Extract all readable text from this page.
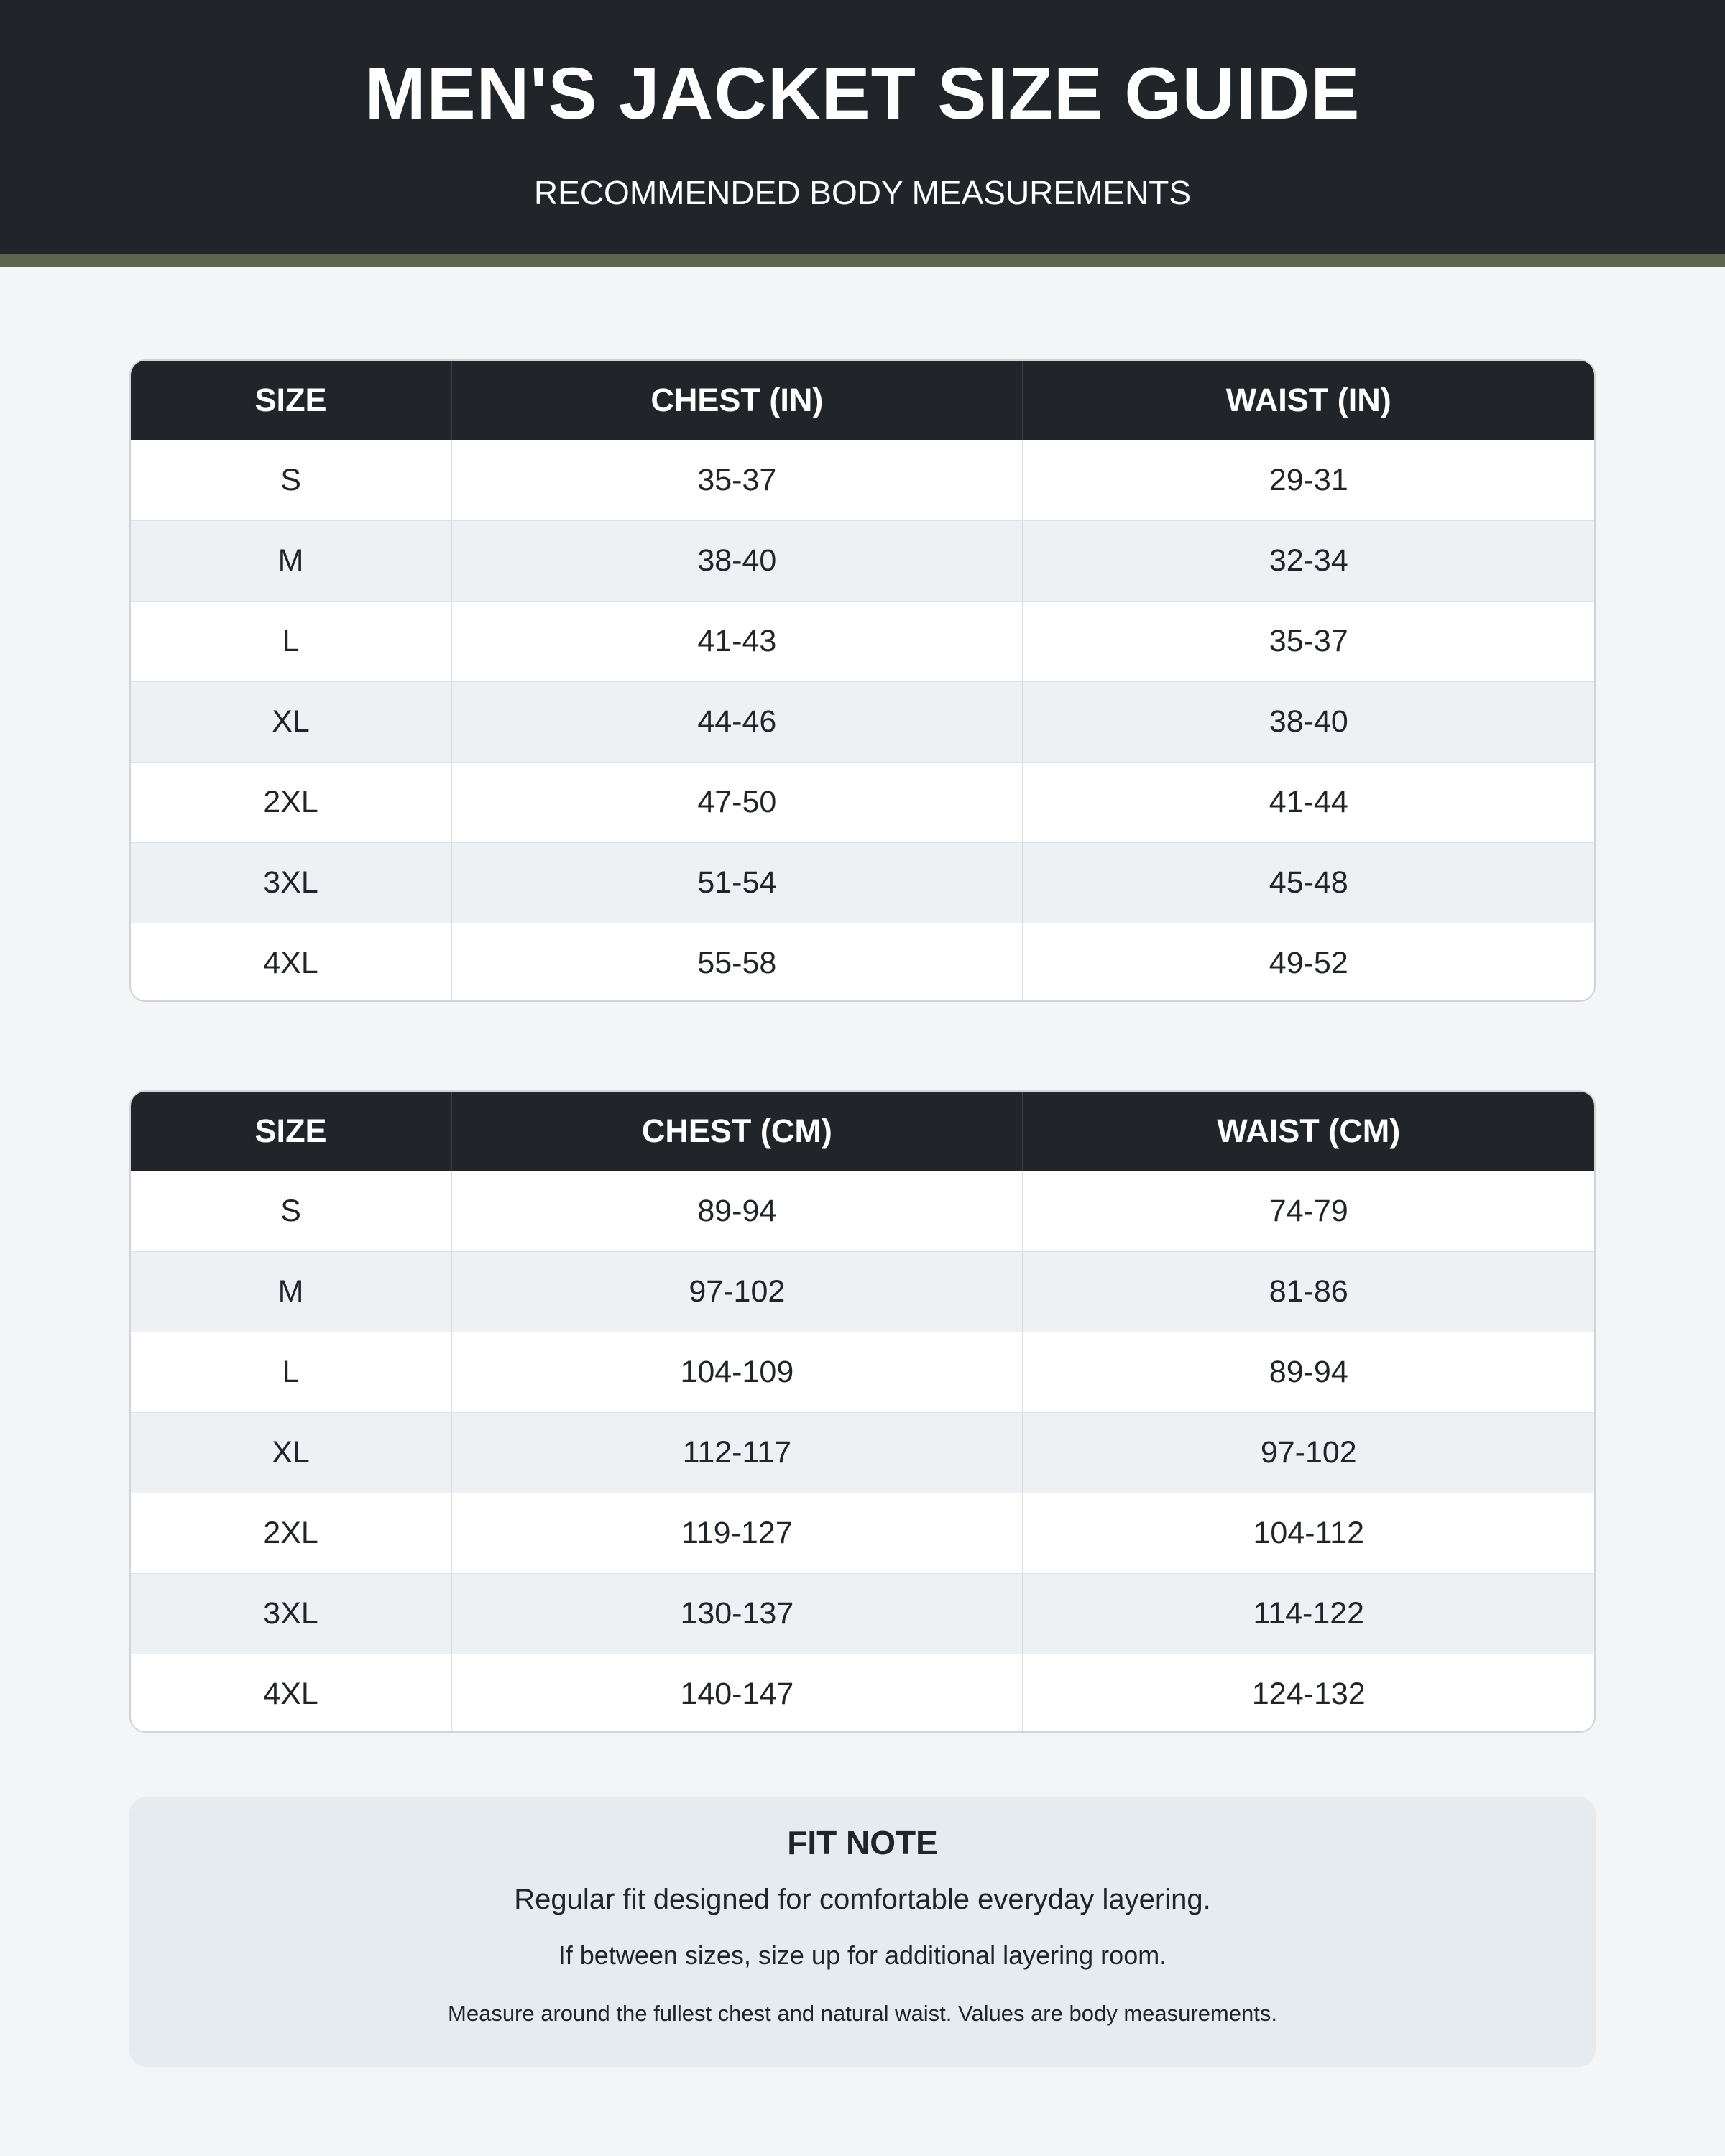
MEN'S JACKET SIZE GUIDE
RECOMMENDED BODY MEASUREMENTS
SIZE	CHEST (IN)	WAIST (IN)
S	35-37	29-31
M	38-40	32-34
L	41-43	35-37
XL	44-46	38-40
2XL	47-50	41-44
3XL	51-54	45-48
4XL	55-58	49-52
SIZE	CHEST (CM)	WAIST (CM)
S	89-94	74-79
M	97-102	81-86
L	104-109	89-94
XL	112-117	97-102
2XL	119-127	104-112
3XL	130-137	114-122
4XL	140-147	124-132
FIT NOTE
Regular fit designed for comfortable everyday layering.
If between sizes, size up for additional layering room.
Measure around the fullest chest and natural waist. Values are body measurements.
